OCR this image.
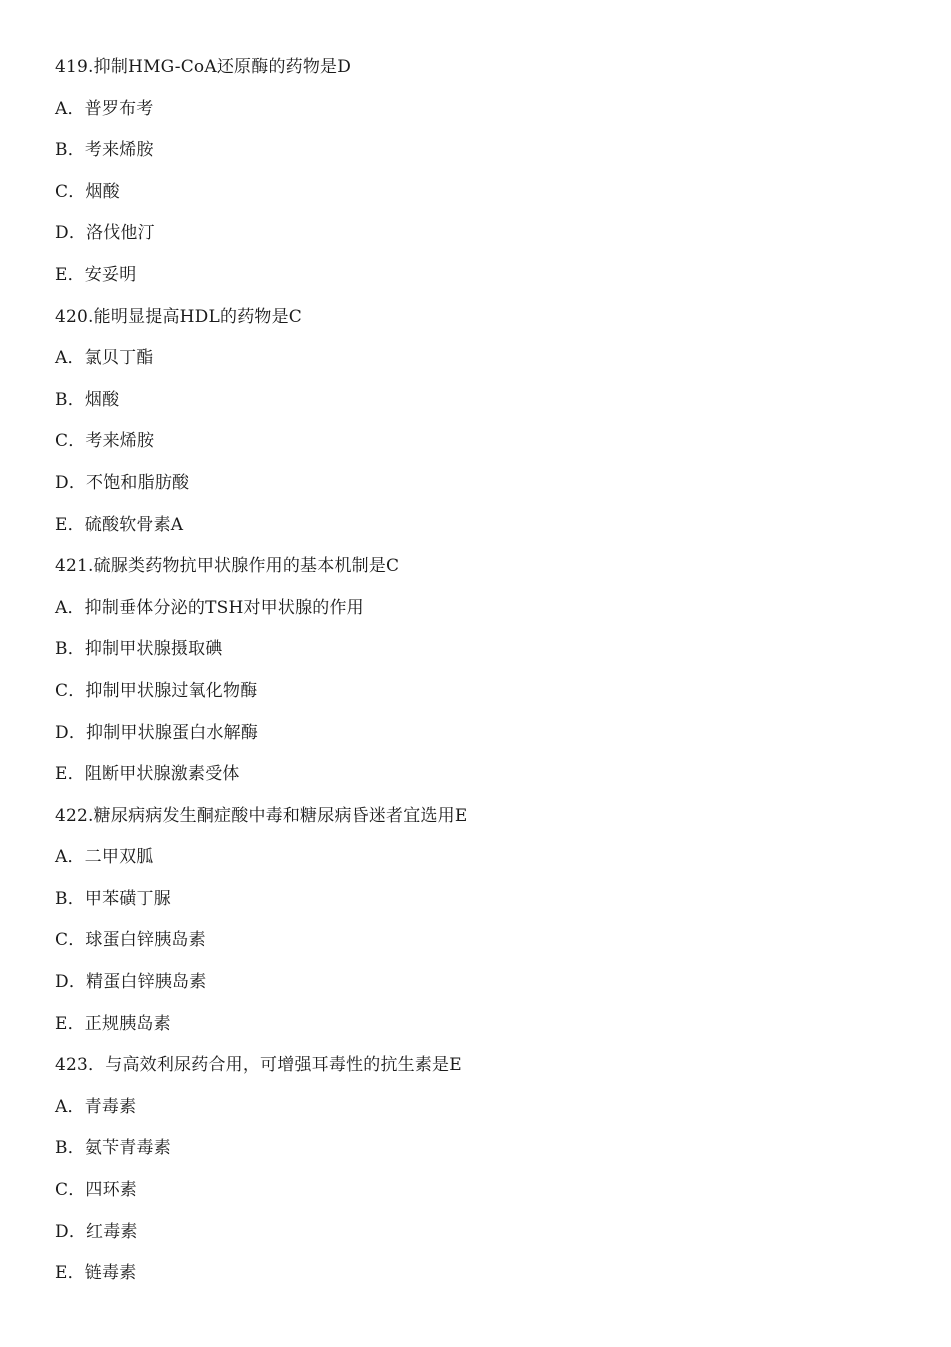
419.抑制HMG-CoA还原酶的药物是D
A．普罗布考
B．考来烯胺
C．烟酸
D．洛伐他汀
E．安妥明
420.能明显提高HDL的药物是C
A．氯贝丁酯
B．烟酸
C．考来烯胺
D．不饱和脂肪酸
E．硫酸软骨素A
421.硫脲类药物抗甲状腺作用的基本机制是C
A．抑制垂体分泌的TSH对甲状腺的作用
B．抑制甲状腺摄取碘
C．抑制甲状腺过氧化物酶
D．抑制甲状腺蛋白水解酶
E．阻断甲状腺激素受体
422.糖尿病病发生酮症酸中毒和糖尿病昏迷者宜选用E
A．二甲双胍
B．甲苯磺丁脲
C．球蛋白锌胰岛素
D．精蛋白锌胰岛素
E．正规胰岛素
423．与高效利尿药合用，可增强耳毒性的抗生素是E
A．青毒素
B．氨苄青毒素
C．四环素
D．红毒素
E．链毒素
